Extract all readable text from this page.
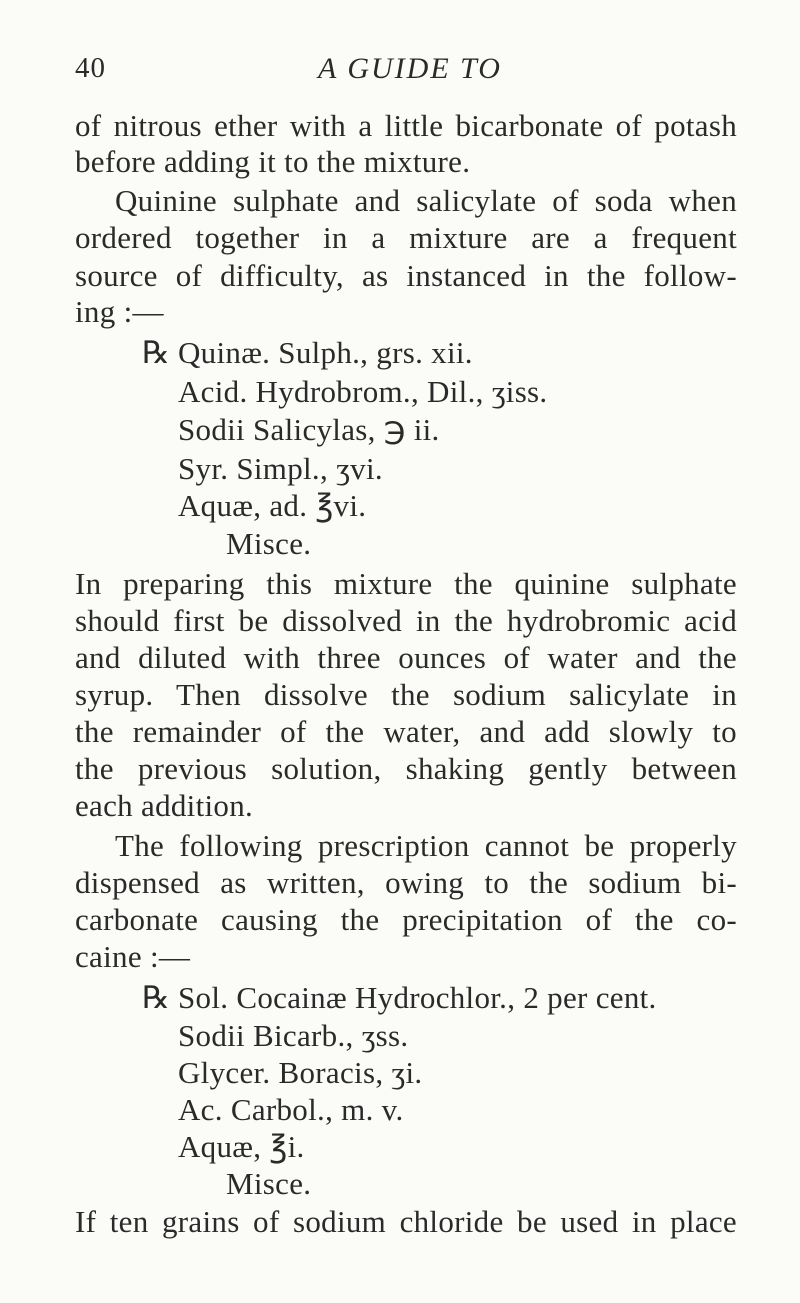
40	A GUIDE TO
of nitrous ether with a little bicarbonate of potash
before adding it to the mixture.
Quinine sulphate and salicylate of soda when
ordered together in a mixture are a frequent
source of difficulty, as instanced in the follow-
ing :—
℞ Quinæ. Sulph., grs. xii.
Acid. Hydrobrom., Dil., ʒiss.
Sodii Salicylas, ℈ ii.
Syr. Simpl., ʒvi.
Aquæ, ad. ℥vi.
Misce.
In preparing this mixture the quinine sulphate
should first be dissolved in the hydrobromic acid
and diluted with three ounces of water and the
syrup. Then dissolve the sodium salicylate in
the remainder of the water, and add slowly to
the previous solution, shaking gently between
each addition.
The following prescription cannot be properly
dispensed as written, owing to the sodium bi-
carbonate causing the precipitation of the co-
caine :—
℞ Sol. Cocainæ Hydrochlor., 2 per cent.
Sodii Bicarb., ʒss.
Glycer. Boracis, ʒi.
Ac. Carbol., m. v.
Aquæ, ℥i.
Misce.
If ten grains of sodium chloride be used in place
